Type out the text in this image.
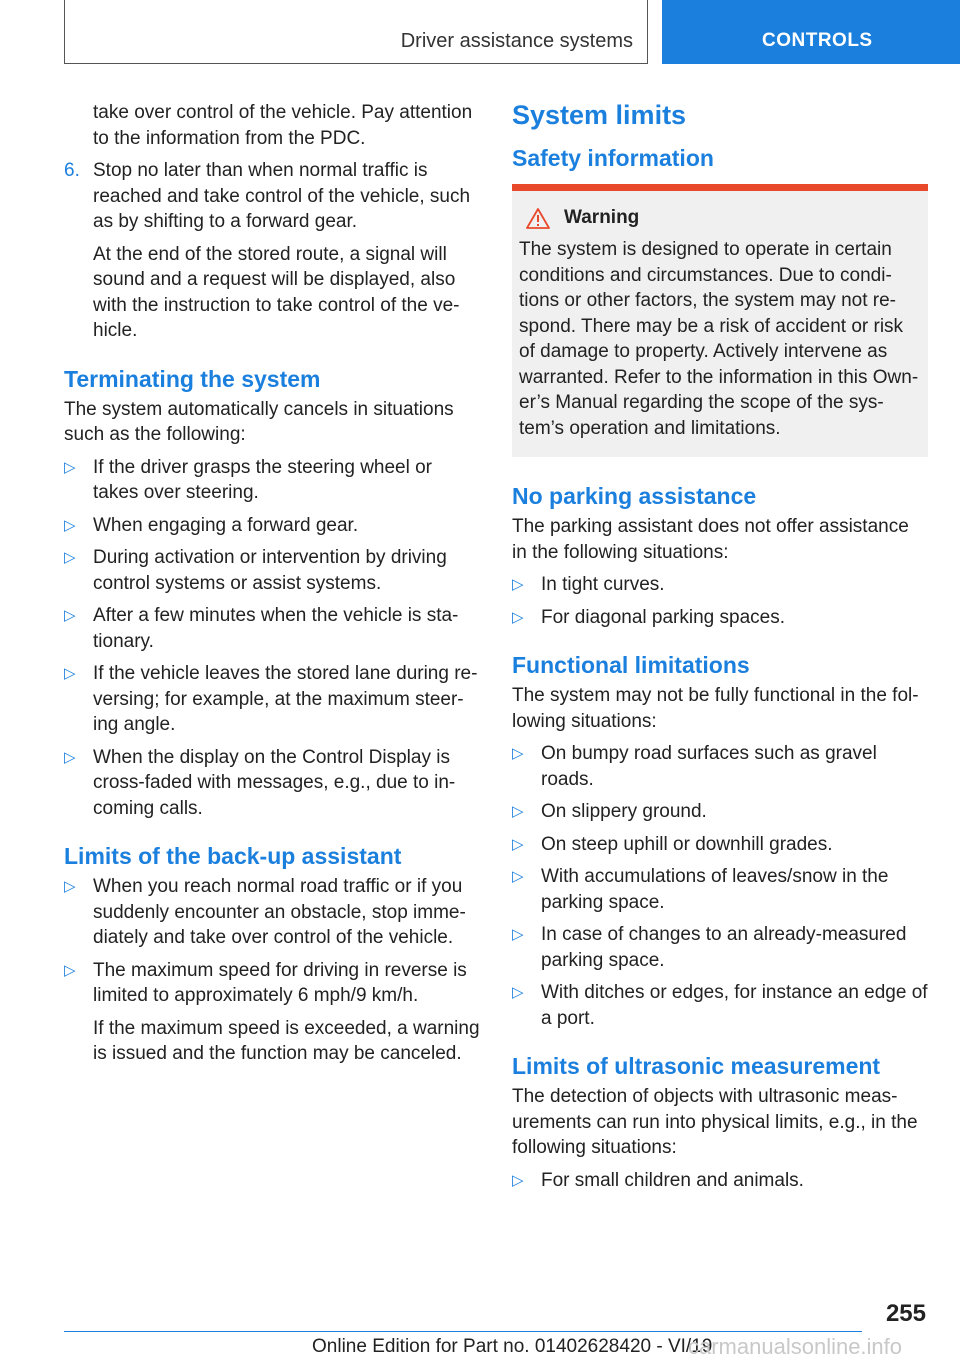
Driver assistance systems	CONTROLS

take over control of the vehicle. Pay attention to the information from the PDC.

6. Stop no later than when normal traffic is reached and take control of the vehicle, such as by shifting to a forward gear.

At the end of the stored route, a signal will sound and a request will be displayed, also with the instruction to take control of the ve‐hicle.

Terminating the system

The system automatically cancels in situations such as the following:

▷ If the driver grasps the steering wheel or takes over steering.
▷ When engaging a forward gear.
▷ During activation or intervention by driving control systems or assist systems.
▷ After a few minutes when the vehicle is sta‐tionary.
▷ If the vehicle leaves the stored lane during re‐versing; for example, at the maximum steer‐ing angle.
▷ When the display on the Control Display is cross-faded with messages, e.g., due to in‐coming calls.
Limits of the back-up assistant
▷ When you reach normal road traffic or if you suddenly encounter an obstacle, stop imme‐diately and take over control of the vehicle.
▷ The maximum speed for driving in reverse is limited to approximately 6 mph/9 km/h.

If the maximum speed is exceeded, a warning is issued and the function may be canceled.

System limits
Safety information
Warning

The system is designed to operate in certain conditions and circumstances. Due to condi‐tions or other factors, the system may not re‐spond. There may be a risk of accident or risk of damage to property. Actively intervene as warranted. Refer to the information in this Own‐er’s Manual regarding the scope of the sys‐tem’s operation and limitations.

No parking assistance

The parking assistant does not offer assistance in the following situations:

▷ In tight curves.
▷ For diagonal parking spaces.
Functional limitations

The system may not be fully functional in the fol‐lowing situations:

▷ On bumpy road surfaces such as gravel roads.
▷ On slippery ground.
▷ On steep uphill or downhill grades.
▷ With accumulations of leaves/snow in the parking space.
▷ In case of changes to an already-measured parking space.
▷ With ditches or edges, for instance an edge of a port.
Limits of ultrasonic measurement

The detection of objects with ultrasonic meas‐urements can run into physical limits, e.g., in the following situations:

▷ For small children and animals.
255
Online Edition for Part no. 01402628420 - VI/19
carmanualsonline.info
